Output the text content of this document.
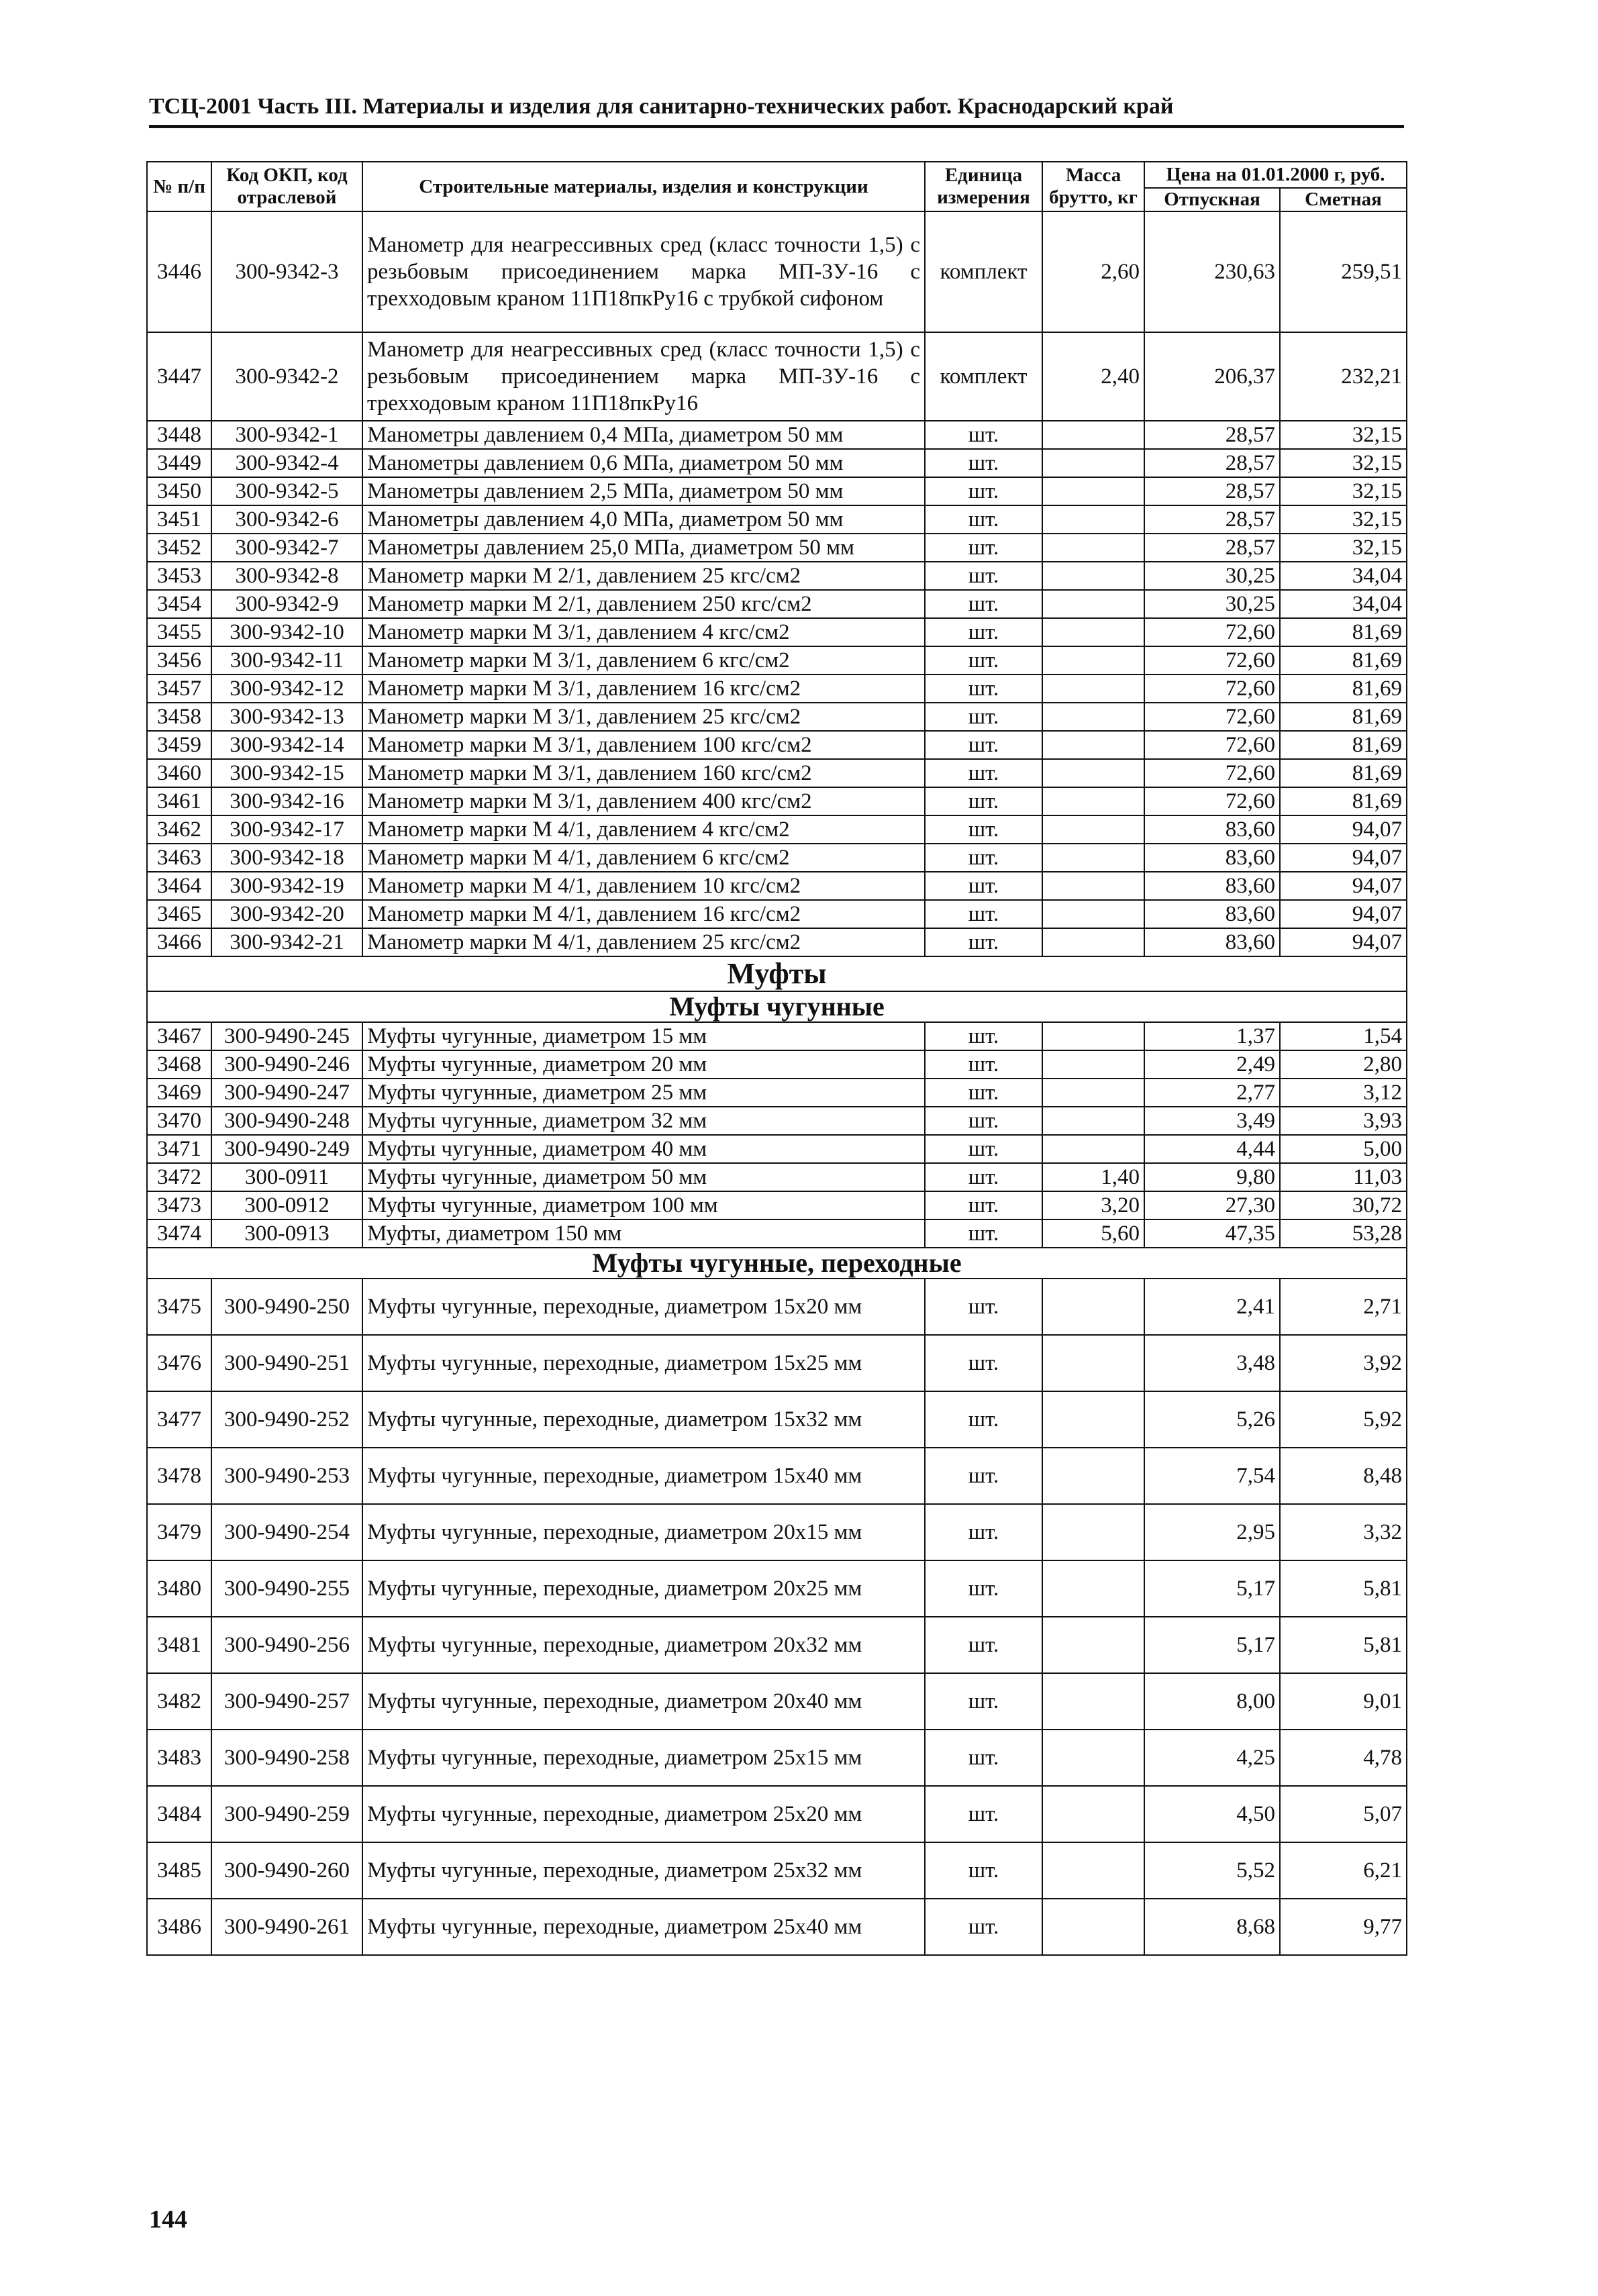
ТСЦ-2001 Часть III. Материалы и изделия для санитарно-технических работ. Краснодарский край
№ п/п	Код ОКП, код отраслевой	Строительные материалы, изделия и конструкции	Единица измерения	Масса брутто, кг	Цена на 01.01.2000 г, руб.	
					Отпускная	Сметная
3446	300-9342-3	Манометр для неагрессивных сред (класс точности 1,5) с резьбовым присоединением марка МП-3У-16 с трехходовым краном 11П18пкРу16 с трубкой сифоном	комплект	2,60	230,63	259,51
3447	300-9342-2	Манометр для неагрессивных сред (класс точности 1,5) с резьбовым присоединением марка МП-3У-16 с трехходовым краном 11П18пкРу16	комплект	2,40	206,37	232,21
3448	300-9342-1	Манометры давлением 0,4 МПа, диаметром 50 мм	шт.		28,57	32,15
3449	300-9342-4	Манометры давлением 0,6 МПа, диаметром 50 мм	шт.		28,57	32,15
3450	300-9342-5	Манометры давлением 2,5 МПа, диаметром 50 мм	шт.		28,57	32,15
3451	300-9342-6	Манометры давлением 4,0 МПа, диаметром 50 мм	шт.		28,57	32,15
3452	300-9342-7	Манометры давлением 25,0 МПа, диаметром 50 мм	шт.		28,57	32,15
3453	300-9342-8	Манометр марки М 2/1, давлением 25 кгс/см2	шт.		30,25	34,04
3454	300-9342-9	Манометр марки М 2/1, давлением 250 кгс/см2	шт.		30,25	34,04
3455	300-9342-10	Манометр марки М 3/1, давлением 4 кгс/см2	шт.		72,60	81,69
3456	300-9342-11	Манометр марки М 3/1, давлением 6 кгс/см2	шт.		72,60	81,69
3457	300-9342-12	Манометр марки М 3/1, давлением 16 кгс/см2	шт.		72,60	81,69
3458	300-9342-13	Манометр марки М 3/1, давлением 25 кгс/см2	шт.		72,60	81,69
3459	300-9342-14	Манометр марки М 3/1, давлением 100 кгс/см2	шт.		72,60	81,69
3460	300-9342-15	Манометр марки М 3/1, давлением 160 кгс/см2	шт.		72,60	81,69
3461	300-9342-16	Манометр марки М 3/1, давлением 400 кгс/см2	шт.		72,60	81,69
3462	300-9342-17	Манометр марки М 4/1, давлением 4 кгс/см2	шт.		83,60	94,07
3463	300-9342-18	Манометр марки М 4/1, давлением 6 кгс/см2	шт.		83,60	94,07
3464	300-9342-19	Манометр марки М 4/1, давлением 10 кгс/см2	шт.		83,60	94,07
3465	300-9342-20	Манометр марки М 4/1, давлением 16 кгс/см2	шт.		83,60	94,07
3466	300-9342-21	Манометр марки М 4/1, давлением 25 кгс/см2	шт.		83,60	94,07
Муфты						
Муфты чугунные						
3467	300-9490-245	Муфты чугунные, диаметром 15 мм	шт.		1,37	1,54
3468	300-9490-246	Муфты чугунные, диаметром 20 мм	шт.		2,49	2,80
3469	300-9490-247	Муфты чугунные, диаметром 25 мм	шт.		2,77	3,12
3470	300-9490-248	Муфты чугунные, диаметром 32 мм	шт.		3,49	3,93
3471	300-9490-249	Муфты чугунные, диаметром 40 мм	шт.		4,44	5,00
3472	300-0911	Муфты чугунные, диаметром 50 мм	шт.	1,40	9,80	11,03
3473	300-0912	Муфты чугунные, диаметром 100 мм	шт.	3,20	27,30	30,72
3474	300-0913	Муфты, диаметром 150 мм	шт.	5,60	47,35	53,28
Муфты чугунные, переходные						
3475	300-9490-250	Муфты чугунные, переходные, диаметром 15х20 мм	шт.		2,41	2,71
3476	300-9490-251	Муфты чугунные, переходные, диаметром 15х25 мм	шт.		3,48	3,92
3477	300-9490-252	Муфты чугунные, переходные, диаметром 15х32 мм	шт.		5,26	5,92
3478	300-9490-253	Муфты чугунные, переходные, диаметром 15х40 мм	шт.		7,54	8,48
3479	300-9490-254	Муфты чугунные, переходные, диаметром 20х15 мм	шт.		2,95	3,32
3480	300-9490-255	Муфты чугунные, переходные, диаметром 20х25 мм	шт.		5,17	5,81
3481	300-9490-256	Муфты чугунные, переходные, диаметром 20х32 мм	шт.		5,17	5,81
3482	300-9490-257	Муфты чугунные, переходные, диаметром 20х40 мм	шт.		8,00	9,01
3483	300-9490-258	Муфты чугунные, переходные, диаметром 25х15 мм	шт.		4,25	4,78
3484	300-9490-259	Муфты чугунные, переходные, диаметром 25х20 мм	шт.		4,50	5,07
3485	300-9490-260	Муфты чугунные, переходные, диаметром 25х32 мм	шт.		5,52	6,21
3486	300-9490-261	Муфты чугунные, переходные, диаметром 25х40 мм	шт.		8,68	9,77
144
